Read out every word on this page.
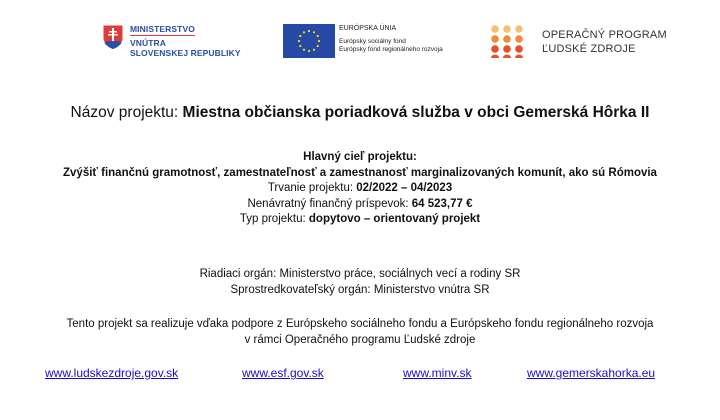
MINISTERSTVO
VNÚTRA
SLOVENSKEJ REPUBLIKY
EURÓPSKA ÚNIA
Európsky sociálny fond
Európsky fond regionálneho rozvoja
OPERAČNÝ PROGRAM
ĽUDSKÉ ZDROJE
Názov projektu: Miestna občianska poriadková služba v obci Gemerská Hôrka II
Hlavný cieľ projektu:
Zvýšiť finančnú gramotnosť, zamestnateľnosť a zamestnanosť marginalizovaných komunít, ako sú Rómovia
Trvanie projektu: 02/2022 – 04/2023
Nenávratný finančný príspevok: 64 523,77 €
Typ projektu: dopytovo – orientovaný projekt
Riadiaci orgán: Ministerstvo práce, sociálnych vecí a rodiny SR
Sprostredkovateľský orgán: Ministerstvo vnútra SR
Tento projekt sa realizuje vďaka podpore z Európskeho sociálneho fondu a Európskeho fondu regionálneho rozvoja
v rámci Operačného programu Ľudské zdroje
www.ludskezdroje.gov.sk	www.esf.gov.sk	www.minv.sk	www.gemerskahorka.eu
